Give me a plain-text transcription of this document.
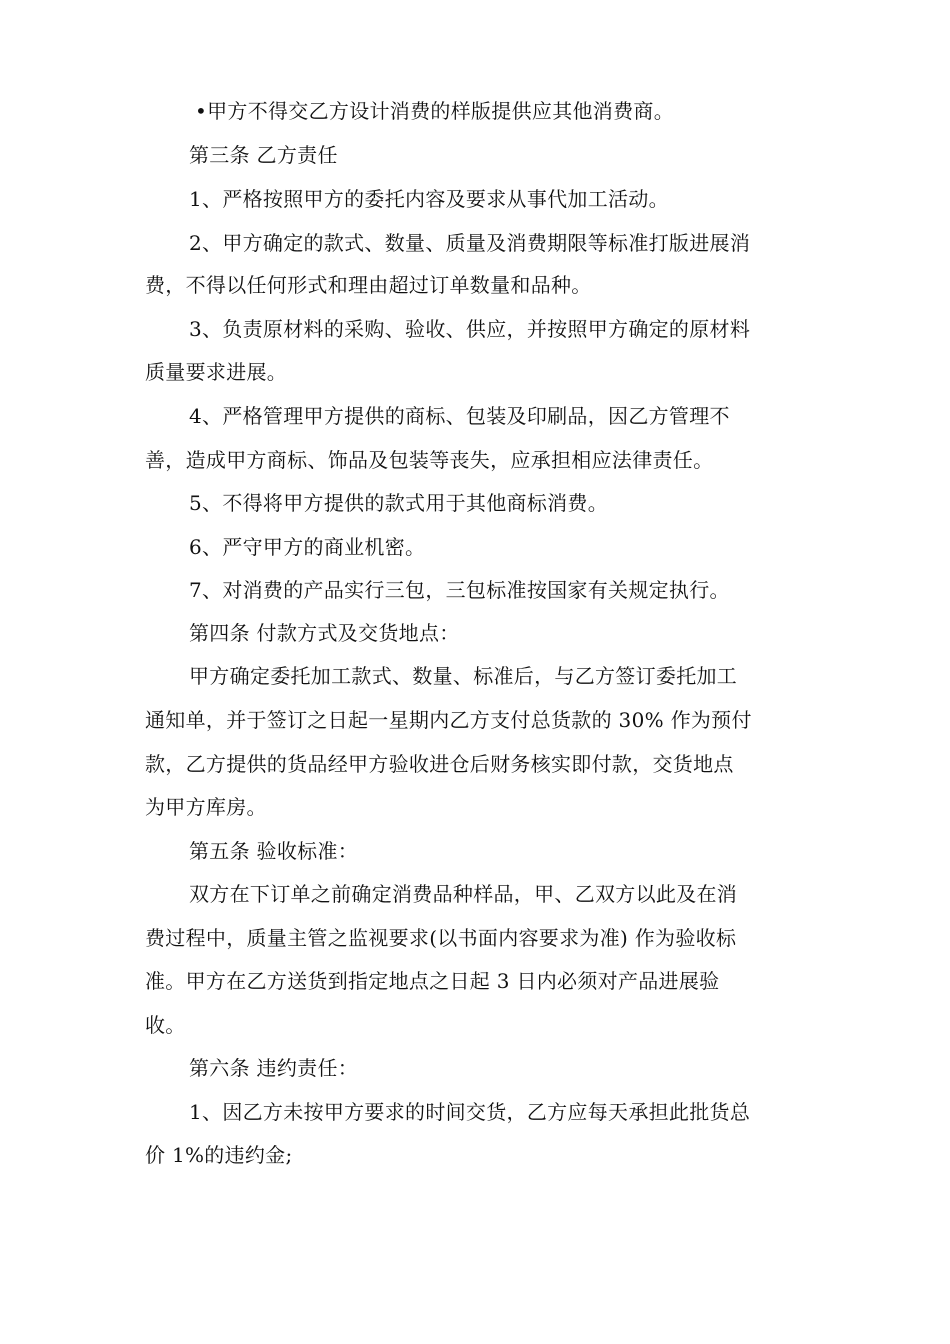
•甲方不得交乙方设计消费的样版提供应其他消费商。
第三条 乙方责任
1、严格按照甲方的委托内容及要求从事代加工活动。
2、甲方确定的款式、数量、质量及消费期限等标准打版进展消
费，不得以任何形式和理由超过订单数量和品种。
3、负责原材料的采购、验收、供应，并按照甲方确定的原材料
质量要求进展。
4、严格管理甲方提供的商标、包装及印刷品，因乙方管理不
善，造成甲方商标、饰品及包装等丧失，应承担相应法律责任。
5、不得将甲方提供的款式用于其他商标消费。
6、严守甲方的商业机密。
7、对消费的产品实行三包，三包标准按国家有关规定执行。
第四条 付款方式及交货地点：
甲方确定委托加工款式、数量、标准后，与乙方签订委托加工
通知单，并于签订之日起一星期内乙方支付总货款的 30% 作为预付
款，乙方提供的货品经甲方验收进仓后财务核实即付款，交货地点
为甲方库房。
第五条 验收标准：
双方在下订单之前确定消费品种样品，甲、乙双方以此及在消
费过程中，质量主管之监视要求(以书面内容要求为准) 作为验收标
准。甲方在乙方送货到指定地点之日起 3 日内必须对产品进展验
收。
第六条 违约责任：
1、因乙方未按甲方要求的时间交货，乙方应每天承担此批货总
价 1%的违约金;
